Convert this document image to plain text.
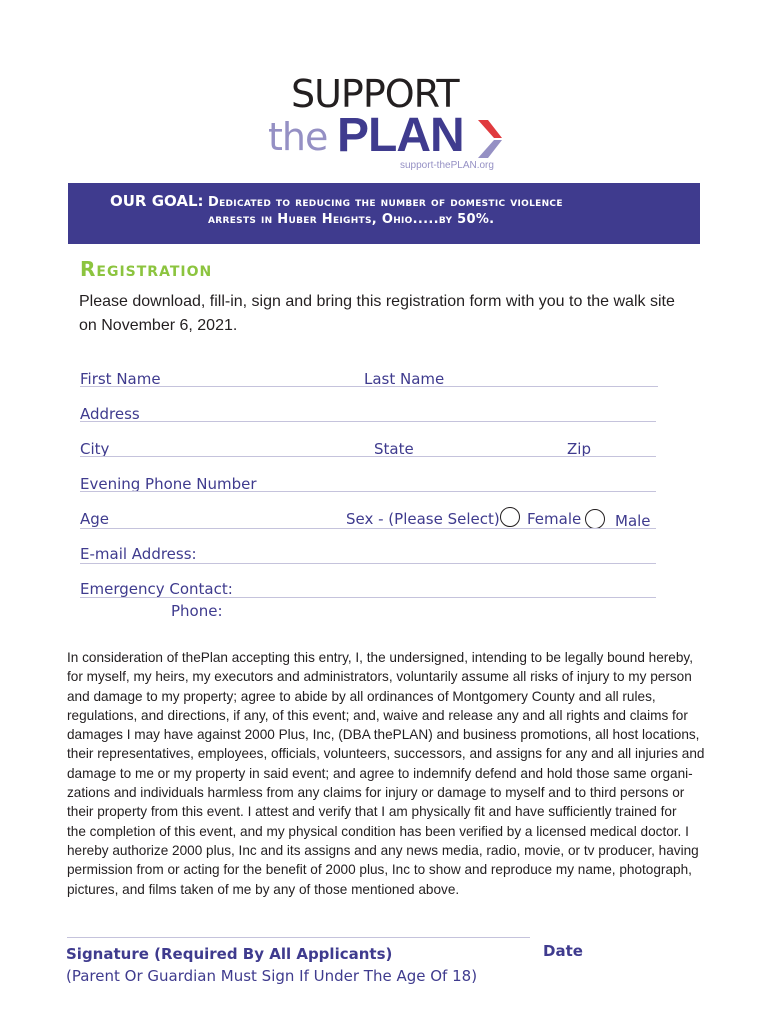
SUPPORT
the PLAN
support-thePLAN.org
OUR GOAL: Dedicated to reducing the number of domestic violence
arrests in Huber Heights, Ohio.....by 50%.
Registration
Please download, fill-in, sign and bring this registration form with you to the walk site on November 6, 2021.
First Name	Last Name
Address
City	State	Zip
Evening Phone Number
Age	Sex - (Please Select) Female Male
E-mail Address:
Emergency Contact:
Phone:
In consideration of thePlan accepting this entry, I, the undersigned, intending to be legally bound hereby,
for myself, my heirs, my executors and administrators, voluntarily assume all risks of injury to my person
and damage to my property; agree to abide by all ordinances of Montgomery County and all rules,
regulations, and directions, if any, of this event; and, waive and release any and all rights and claims for
damages I may have against 2000 Plus, Inc, (DBA thePLAN) and business promotions, all host locations,
their representatives, employees, officials, volunteers, successors, and assigns for any and all injuries and
damage to me or my property in said event; and agree to indemnify defend and hold those same organi-
zations and individuals harmless from any claims for injury or damage to myself and to third persons or
their property from this event. I attest and verify that I am physically fit and have sufficiently trained for
the completion of this event, and my physical condition has been verified by a licensed medical doctor. I
hereby authorize 2000 plus, Inc and its assigns and any news media, radio, movie, or tv producer, having
permission from or acting for the benefit of 2000 plus, Inc to show and reproduce my name, photograph,
pictures, and films taken of me by any of those mentioned above.
Signature (Required By All Applicants)
(Parent Or Guardian Must Sign If Under The Age Of 18)
Date
